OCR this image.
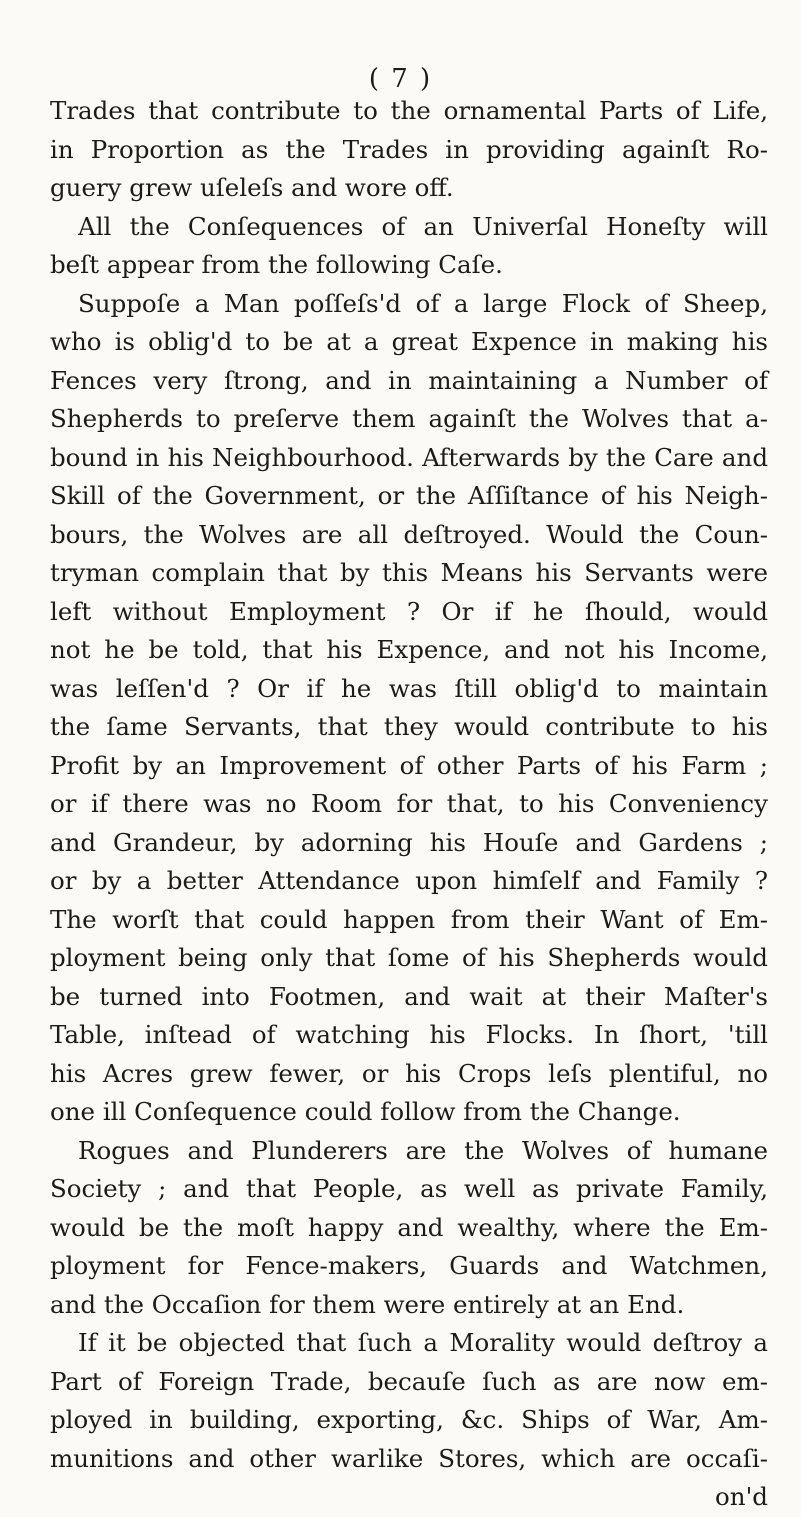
( 7 )
Trades that contribute to the ornamental Parts of Life,
in Proportion as the Trades in providing againſt Ro-
guery grew uſeleſs and wore off.
All the Conſequences of an Univerſal Honeſty will
beſt appear from the following Caſe.
Suppoſe a Man poſſeſs'd of a large Flock of Sheep,
who is oblig'd to be at a great Expence in making his
Fences very ſtrong, and in maintaining a Number of
Shepherds to preſerve them againſt the Wolves that a-
bound in his Neighbourhood. Afterwards by the Care and
Skill of the Government, or the Aſſiſtance of his Neigh-
bours, the Wolves are all deſtroyed. Would the Coun-
tryman complain that by this Means his Servants were
left without Employment ? Or if he ſhould, would
not he be told, that his Expence, and not his Income,
was leſſen'd ? Or if he was ſtill oblig'd to maintain
the ſame Servants, that they would contribute to his
Profit by an Improvement of other Parts of his Farm ;
or if there was no Room for that, to his Conveniency
and Grandeur, by adorning his Houſe and Gardens ;
or by a better Attendance upon himſelf and Family ?
The worſt that could happen from their Want of Em-
ployment being only that ſome of his Shepherds would
be turned into Footmen, and wait at their Maſter's
Table, inſtead of watching his Flocks. In ſhort, 'till
his Acres grew fewer, or his Crops leſs plentiful, no
one ill Conſequence could follow from the Change.
Rogues and Plunderers are the Wolves of humane
Society ; and that People, as well as private Family,
would be the moſt happy and wealthy, where the Em-
ployment for Fence-makers, Guards and Watchmen,
and the Occaſion for them were entirely at an End.
If it be objected that ſuch a Morality would deſtroy a
Part of Foreign Trade, becauſe ſuch as are now em-
ployed in building, exporting, &c. Ships of War, Am-
munitions and other warlike Stores, which are occaſi-
on'd
